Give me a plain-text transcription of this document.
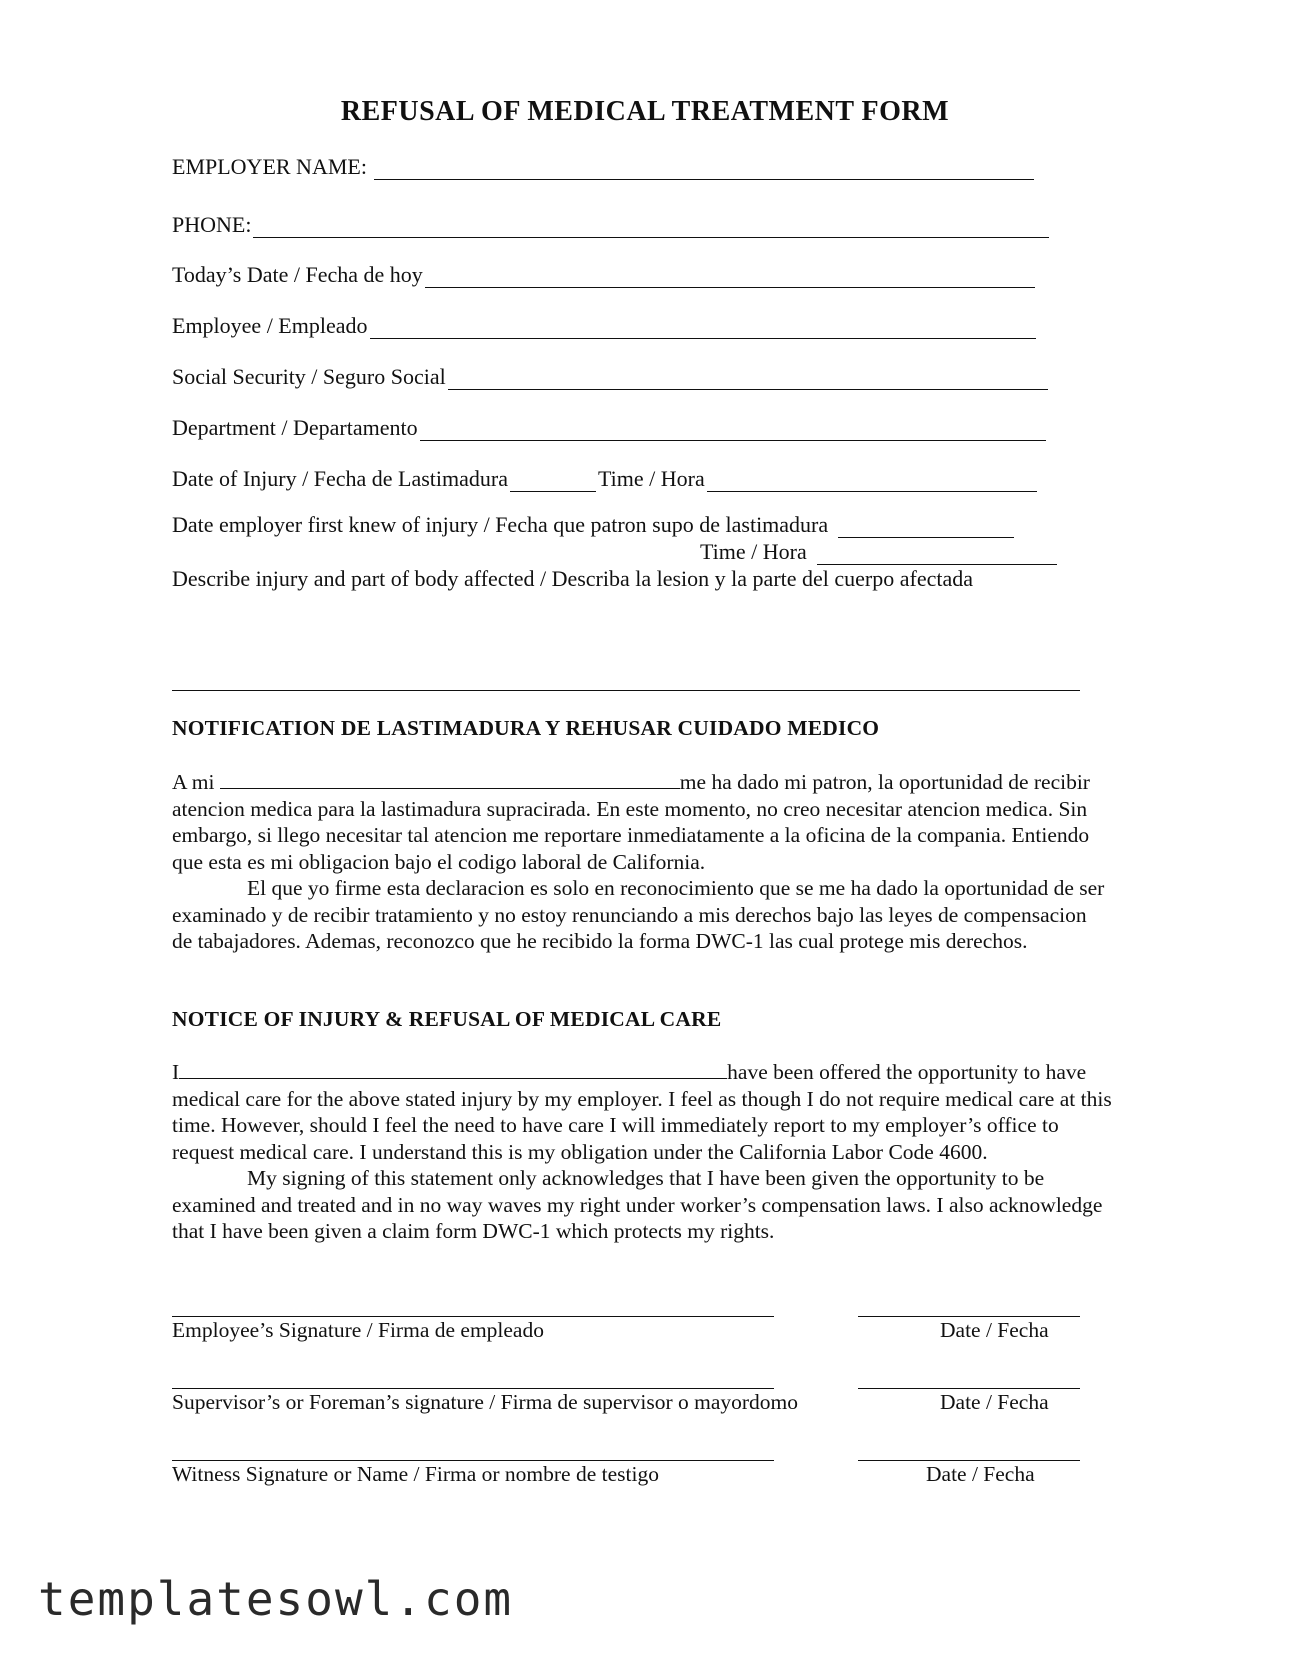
REFUSAL OF MEDICAL TREATMENT FORM
EMPLOYER NAME:
PHONE:
Today’s Date / Fecha de hoy
Employee / Empleado
Social Security / Seguro Social
Department / Departamento
Date of Injury / Fecha de Lastimadura	Time / Hora
Date employer first knew of injury / Fecha que patron supo de lastimadura
Time / Hora
Describe injury and part of body affected / Describa la lesion y la parte del cuerpo afectada
NOTIFICATION DE LASTIMADURA Y REHUSAR CUIDADO MEDICO

A mi	me ha dado mi patron, la oportunidad de recibir atencion medica para la lastimadura supracirada. En este momento, no creo necesitar atencion medica. Sin embargo, si llego necesitar tal atencion me reportare inmediatamente a la oficina de la compania. Entiendo que esta es mi obligacion bajo el codigo laboral de California.

El que yo firme esta declaracion es solo en reconocimiento que se me ha dado la oportunidad de ser examinado y de recibir tratamiento y no estoy renunciando a mis derechos bajo las leyes de compensacion de tabajadores. Ademas, reconozco que he recibido la forma DWC-1 las cual protege mis derechos.

NOTICE OF INJURY & REFUSAL OF MEDICAL CARE

I	have been offered the opportunity to have medical care for the above stated injury by my employer. I feel as though I do not require medical care at this time. However, should I feel the need to have care I will immediately report to my employer’s office to request medical care. I understand this is my obligation under the California Labor Code 4600.

My signing of this statement only acknowledges that I have been given the opportunity to be examined and treated and in no way waves my right under worker’s compensation laws. I also acknowledge that I have been given a claim form DWC-1 which protects my rights.

Employee’s Signature / Firma de empleado	Date / Fecha
Supervisor’s or Foreman’s signature / Firma de supervisor o mayordomo	Date / Fecha
Witness Signature or Name / Firma or nombre de testigo	Date / Fecha
templatesowl.com
